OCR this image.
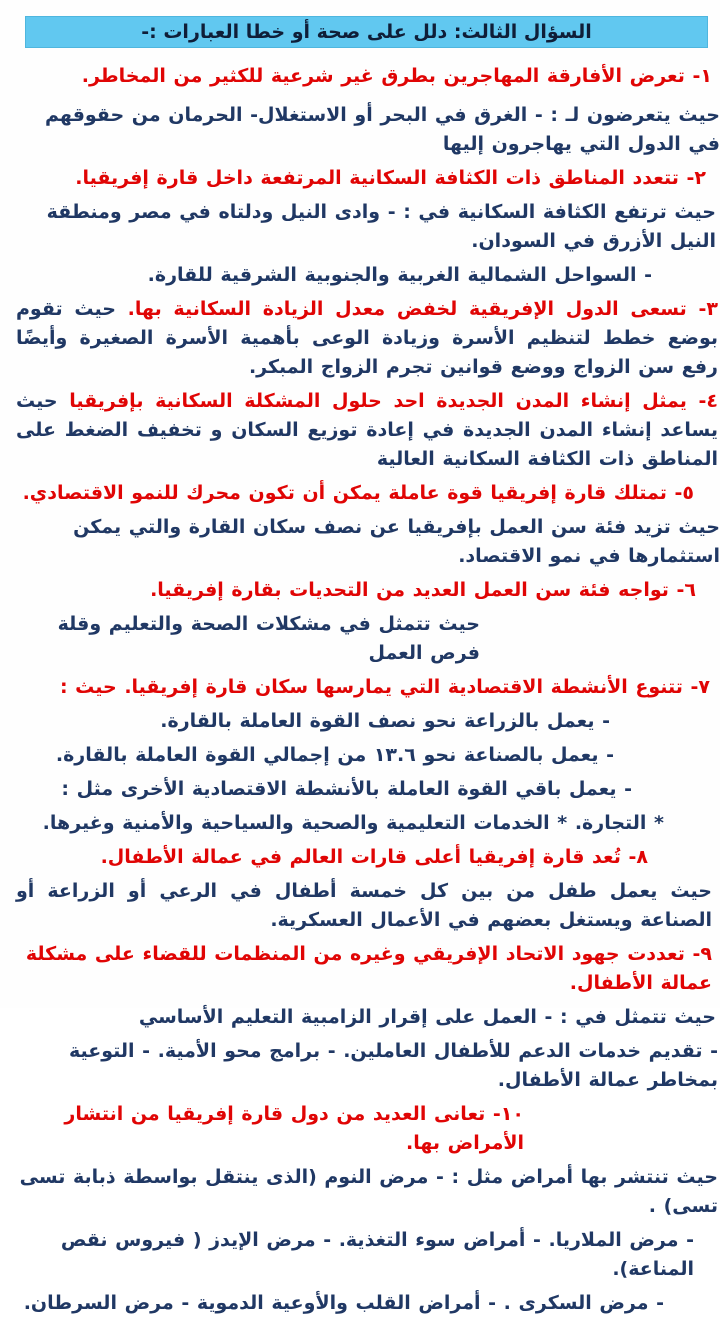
السؤال الثالث: دلل على صحة أو خطا العبارات :-
١- تعرض الأفارقة المهاجرين بطرق غير شرعية للكثير من المخاطر.
حيث يتعرضون لـ : - الغرق في البحر أو الاستغلال- الحرمان من حقوقهم في الدول التي يهاجرون إليها
٢- تتعدد المناطق ذات الكثافة السكانية المرتفعة داخل قارة إفريقيا.
حيث ترتفع الكثافة السكانية في : - وادى النيل ودلتاه في مصر ومنطقة النيل الأزرق في السودان.
- السواحل الشمالية الغربية والجنوبية الشرقية للقارة.
٣- تسعى الدول الإفريقية لخفض معدل الزيادة السكانية بها. حيث تقوم بوضع خطط لتنظيم الأسرة وزيادة الوعى بأهمية الأسرة الصغيرة وأيضًا رفع سن الزواج ووضع قوانين تجرم الزواج المبكر.
٤- يمثل إنشاء المدن الجديدة احد حلول المشكلة السكانية بإفريقيا حيث يساعد إنشاء المدن الجديدة في إعادة توزيع السكان و تخفيف الضغط على المناطق ذات الكثافة السكانية العالية
٥- تمتلك قارة إفريقيا قوة عاملة يمكن أن تكون محرك للنمو الاقتصادي.
حيث تزيد فئة سن العمل بإفريقيا عن نصف سكان القارة والتي يمكن استثمارها في نمو الاقتصاد.
٦- تواجه فئة سن العمل العديد من التحديات بقارة إفريقيا.
حيث تتمثل في مشكلات الصحة والتعليم وقلة فرص العمل
٧- تتنوع الأنشطة الاقتصادية التي يمارسها سكان قارة إفريقيا. حيث :
- يعمل بالزراعة نحو نصف القوة العاملة بالقارة.
- يعمل بالصناعة نحو ١٣.٦ من إجمالي القوة العاملة بالقارة.
- يعمل باقي القوة العاملة بالأنشطة الاقتصادية الأخرى مثل :
* التجارة. * الخدمات التعليمية والصحية والسياحية والأمنية وغيرها.
٨- تُعد قارة إفريقيا أعلى قارات العالم في عمالة الأطفال.
حيث يعمل طفل من بين كل خمسة أطفال في الرعي أو الزراعة أو الصناعة ويستغل بعضهم في الأعمال العسكرية.
٩- تعددت جهود الاتحاد الإفريقي وغيره من المنظمات للقضاء على مشكلة عمالة الأطفال.
حيث تتمثل في : - العمل على إقرار الزامبية التعليم الأساسي
- تقديم خدمات الدعم للأطفال العاملين. - برامج محو الأمية. - التوعية بمخاطر عمالة الأطفال.
١٠- تعانى العديد من دول قارة إفريقيا من انتشار الأمراض بها.
حيث تنتشر بها أمراض مثل : - مرض النوم (الذى ينتقل بواسطة ذبابة تسى تسى) .
- مرض الملاريا. - أمراض سوء التغذية. - مرض الإيدز ( فيروس نقص المناعة).
- مرض السكرى . - أمراض القلب والأوعية الدموية - مرض السرطان.
